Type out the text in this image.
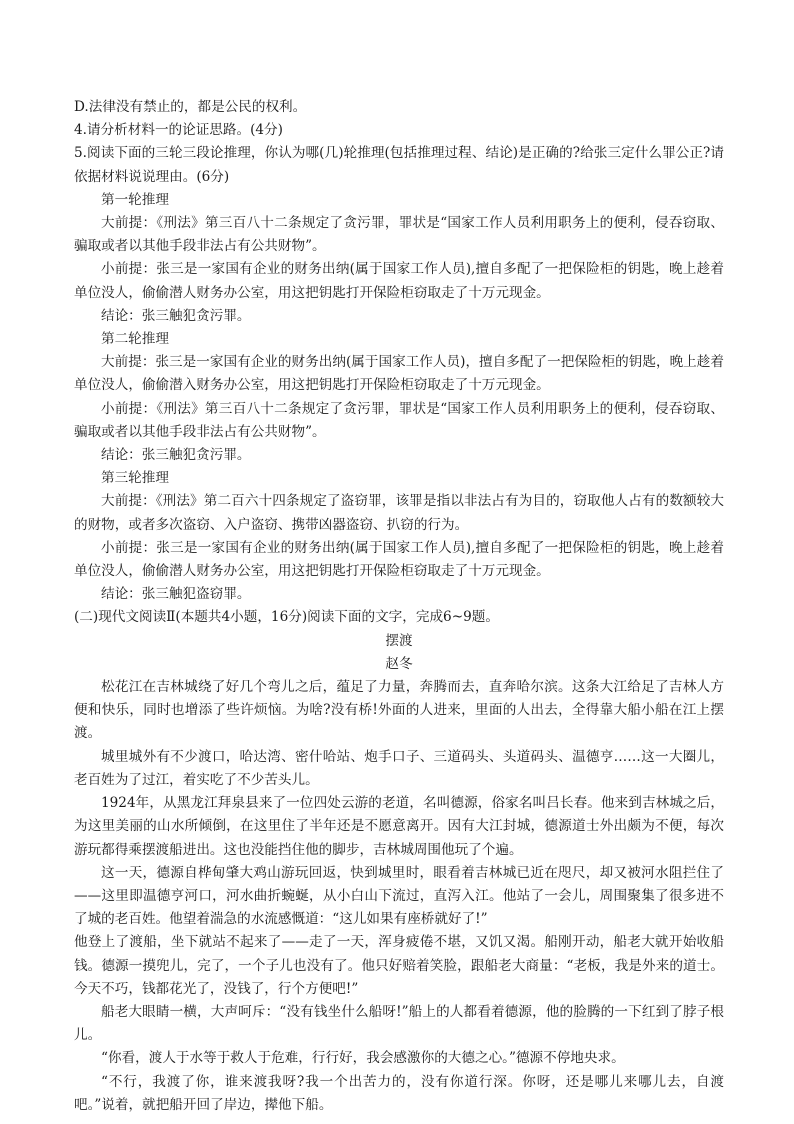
D.法律没有禁止的，都是公民的权利。

4.请分析材料一的论证思路。(4分)

5.阅读下面的三轮三段论推理，你认为哪(几)轮推理(包括推理过程、结论)是正确的?给张三定什么罪公正?请依据材料说说理由。(6分)

第一轮推理

大前提：《刑法》第三百八十二条规定了贪污罪，罪状是“国家工作人员利用职务上的便利，侵吞窃取、骗取或者以其他手段非法占有公共财物”。

小前提：张三是一家国有企业的财务出纳(属于国家工作人员),擅自多配了一把保险柜的钥匙，晚上趁着单位没人，偷偷潜人财务办公室，用这把钥匙打开保险柜窃取走了十万元现金。

结论：张三触犯贪污罪。

第二轮推理

大前提：张三是一家国有企业的财务出纳(属于国家工作人员)，擅自多配了一把保险柜的钥匙，晚上趁着单位没人，偷偷潜入财务办公室，用这把钥匙打开保险柜窃取走了十万元现金。

小前提：《刑法》第三百八十二条规定了贪污罪，罪状是“国家工作人员利用职务上的便利，侵吞窃取、骗取或者以其他手段非法占有公共财物”。

结论：张三触犯贪污罪。

第三轮推理

大前提：《刑法》第二百六十四条规定了盗窃罪，该罪是指以非法占有为目的，窃取他人占有的数额较大的财物，或者多次盗窃、入户盗窃、携带凶器盗窃、扒窃的行为。

小前提：张三是一家国有企业的财务出纳(属于国家工作人员),擅自多配了一把保险柜的钥匙，晚上趁着单位没人，偷偷潜人财务办公室，用这把钥匙打开保险柜窃取走了十万元现金。

结论：张三触犯盗窃罪。

(二)现代文阅读Ⅱ(本题共4小题，16分)阅读下面的文字，完成6~9题。

摆渡

赵冬

松花江在吉林城绕了好几个弯儿之后，蕴足了力量，奔腾而去，直奔哈尔滨。这条大江给足了吉林人方便和快乐，同时也增添了些许烦恼。为啥?没有桥!外面的人进来，里面的人出去，全得靠大船小船在江上摆渡。

城里城外有不少渡口，哈达湾、密什哈站、炮手口子、三道码头、头道码头、温德亨……这一大圈儿，老百姓为了过江，着实吃了不少苦头儿。

1924年，从黑龙江拜泉县来了一位四处云游的老道，名叫德源，俗家名叫吕长春。他来到吉林城之后，为这里美丽的山水所倾倒，在这里住了半年还是不愿意离开。因有大江封城，德源道士外出颇为不便，每次游玩都得乘摆渡船进出。这也没能挡住他的脚步，吉林城周围他玩了个遍。

这一天，德源自桦甸肇大鸡山游玩回返，快到城里时，眼看着吉林城已近在咫尺，却又被河水阻拦住了——这里即温德亨河口，河水曲折蜿蜒，从小白山下流过，直泻入江。他站了一会儿，周围聚集了很多进不了城的老百姓。他望着湍急的水流感慨道：“这儿如果有座桥就好了!”

他登上了渡船，坐下就站不起来了——走了一天，浑身疲倦不堪，又饥又渴。船刚开动，船老大就开始收船钱。德源一摸兜儿，完了，一个子儿也没有了。他只好赔着笑脸，跟船老大商量：“老板，我是外来的道士。今天不巧，钱都花光了，没钱了，行个方便吧!”

船老大眼睛一横，大声呵斥：“没有钱坐什么船呀!”船上的人都看着德源，他的脸腾的一下红到了脖子根儿。

“你看，渡人于水等于救人于危难，行行好，我会感激你的大德之心。”德源不停地央求。

“不行，我渡了你，谁来渡我呀?我一个出苦力的，没有你道行深。你呀，还是哪儿来哪儿去，自渡吧。”说着，就把船开回了岸边，撵他下船。
